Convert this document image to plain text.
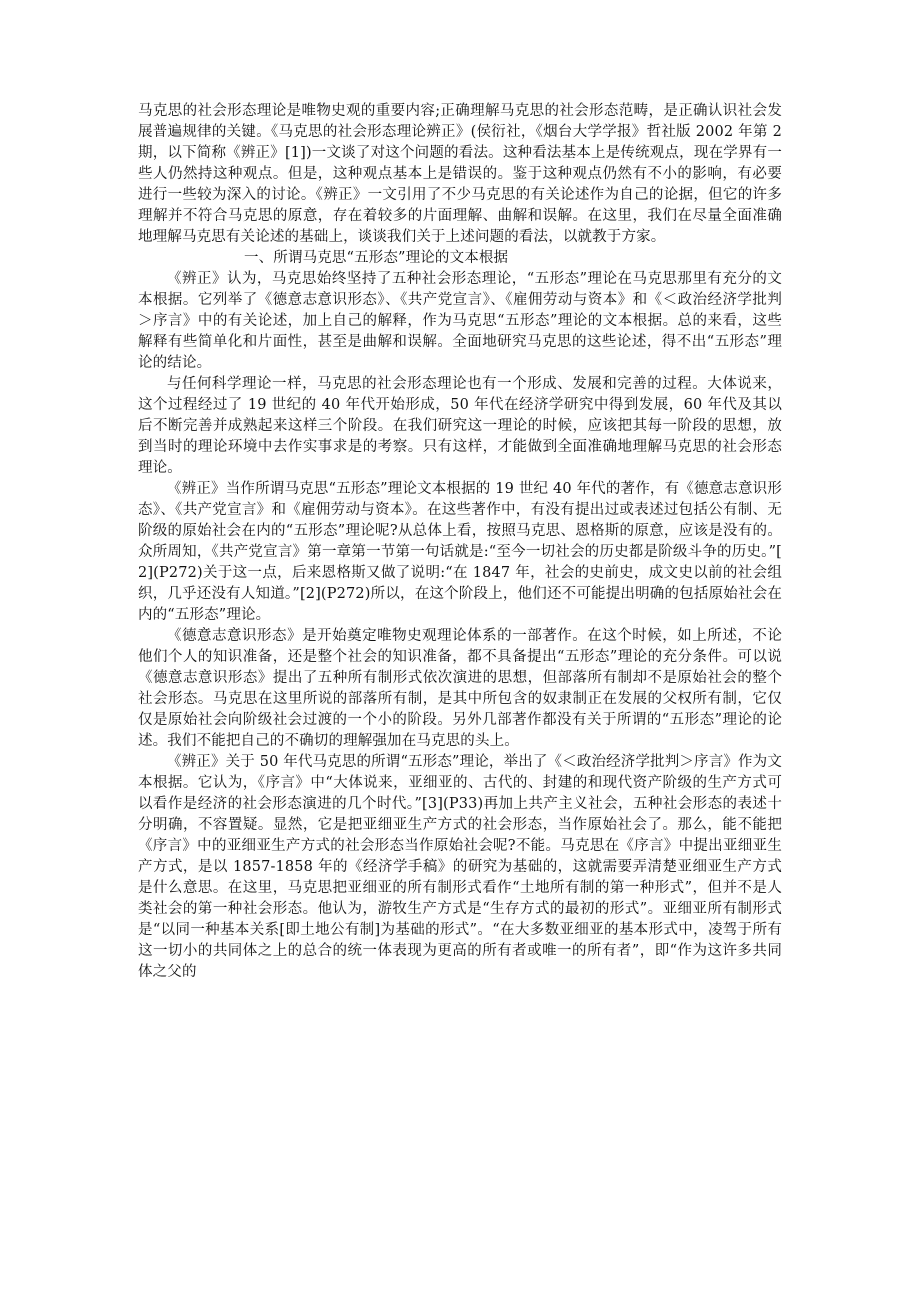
马克思的社会形态理论是唯物史观的重要内容;正确理解马克思的社会形态范畴，是正确认识社会发展普遍规律的关键。《马克思的社会形态理论辨正》(侯衍社，《烟台大学学报》哲社版 2002 年第 2 期，以下简称《辨正》[1])一文谈了对这个问题的看法。这种看法基本上是传统观点，现在学界有一些人仍然持这种观点。但是，这种观点基本上是错误的。鉴于这种观点仍然有不小的影响，有必要进行一些较为深入的讨论。《辨正》一文引用了不少马克思的有关论述作为自己的论据，但它的许多理解并不符合马克思的原意，存在着较多的片面理解、曲解和误解。在这里，我们在尽量全面准确地理解马克思有关论述的基础上，谈谈我们关于上述问题的看法，以就教于方家。

一、所谓马克思“五形态”理论的文本根据

《辨正》认为，马克思始终坚持了五种社会形态理论，“五形态”理论在马克思那里有充分的文本根据。它列举了《德意志意识形态》、《共产党宣言》、《雇佣劳动与资本》和《＜政治经济学批判＞序言》中的有关论述，加上自己的解释，作为马克思“五形态”理论的文本根据。总的来看，这些解释有些简单化和片面性，甚至是曲解和误解。全面地研究马克思的这些论述，得不出“五形态”理论的结论。

与任何科学理论一样，马克思的社会形态理论也有一个形成、发展和完善的过程。大体说来，这个过程经过了 19 世纪的 40 年代开始形成，50 年代在经济学研究中得到发展，60 年代及其以后不断完善并成熟起来这样三个阶段。在我们研究这一理论的时候，应该把其每一阶段的思想，放到当时的理论环境中去作实事求是的考察。只有这样，才能做到全面准确地理解马克思的社会形态理论。

《辨正》当作所谓马克思“五形态”理论文本根据的 19 世纪 40 年代的著作，有《德意志意识形态》、《共产党宣言》和《雇佣劳动与资本》。在这些著作中，有没有提出过或表述过包括公有制、无阶级的原始社会在内的“五形态”理论呢?从总体上看，按照马克思、恩格斯的原意，应该是没有的。众所周知，《共产党宣言》第一章第一节第一句话就是:“至今一切社会的历史都是阶级斗争的历史。”[2](P272)关于这一点，后来恩格斯又做了说明:“在 1847 年，社会的史前史，成文史以前的社会组织，几乎还没有人知道。”[2](P272)所以，在这个阶段上，他们还不可能提出明确的包括原始社会在内的“五形态”理论。

《德意志意识形态》是开始奠定唯物史观理论体系的一部著作。在这个时候，如上所述，不论他们个人的知识准备，还是整个社会的知识准备，都不具备提出“五形态”理论的充分条件。可以说《德意志意识形态》提出了五种所有制形式依次演进的思想，但部落所有制却不是原始社会的整个社会形态。马克思在这里所说的部落所有制，是其中所包含的奴隶制正在发展的父权所有制，它仅仅是原始社会向阶级社会过渡的一个小的阶段。另外几部著作都没有关于所谓的“五形态”理论的论述。我们不能把自己的不确切的理解强加在马克思的头上。

《辨正》关于 50 年代马克思的所谓“五形态”理论，举出了《＜政治经济学批判＞序言》作为文本根据。它认为，《序言》中“大体说来，亚细亚的、古代的、封建的和现代资产阶级的生产方式可以看作是经济的社会形态演进的几个时代。”[3](P33)再加上共产主义社会，五种社会形态的表述十分明确，不容置疑。显然，它是把亚细亚生产方式的社会形态，当作原始社会了。那么，能不能把《序言》中的亚细亚生产方式的社会形态当作原始社会呢?不能。马克思在《序言》中提出亚细亚生产方式，是以 1857-1858 年的《经济学手稿》的研究为基础的，这就需要弄清楚亚细亚生产方式是什么意思。在这里，马克思把亚细亚的所有制形式看作“土地所有制的第一种形式”，但并不是人类社会的第一种社会形态。他认为，游牧生产方式是“生存方式的最初的形式”。亚细亚所有制形式是“以同一种基本关系[即土地公有制]为基础的形式”。“在大多数亚细亚的基本形式中，凌驾于所有这一切小的共同体之上的总合的统一体表现为更高的所有者或唯一的所有者”，即“作为这许多共同体之父的
